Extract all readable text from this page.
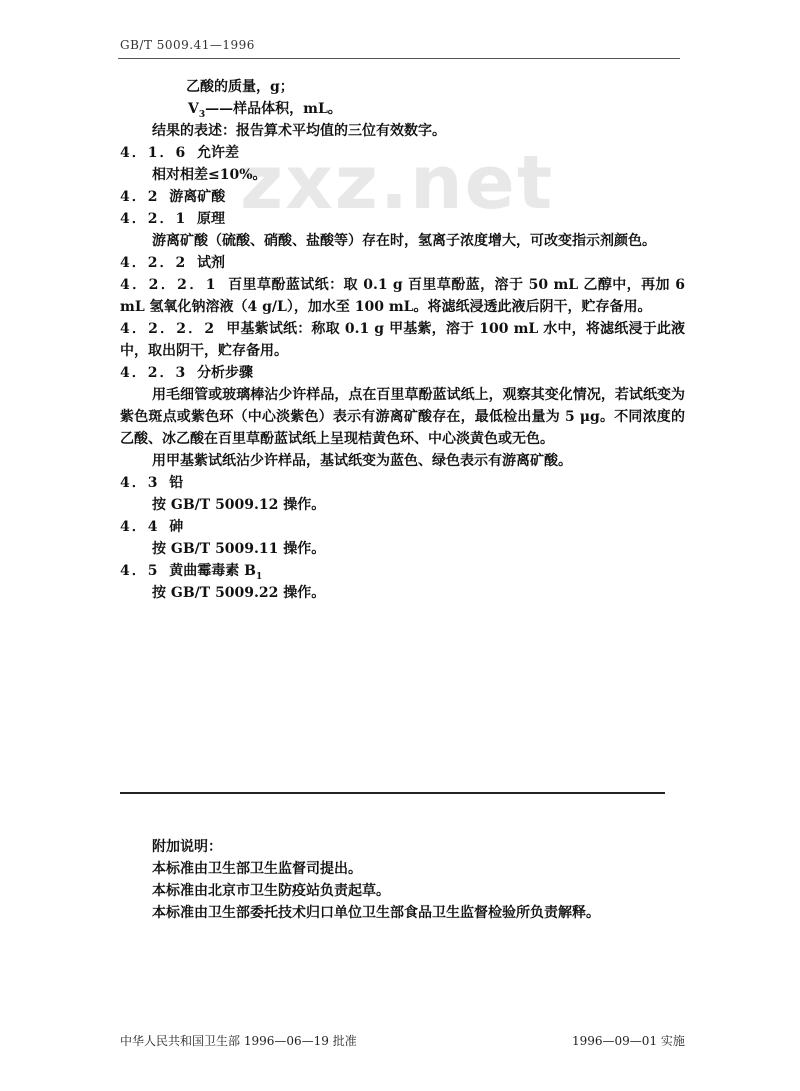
GB/T 5009.41—1996
zxz.net
乙酸的质量，g；
$V_3——$样品体积，mL。
结果的表述：报告算术平均值的三位有效数字。
4．1．6 允许差
相对相差≤10%。
4．2 游离矿酸
4．2．1 原理
游离矿酸（硫酸、硝酸、盐酸等）存在时，氢离子浓度增大，可改变指示剂颜色。
4．2．2 试剂
4．2．2．1 百里草酚蓝试纸：取 0.1 g 百里草酚蓝，溶于 50 mL 乙醇中，再加 6 mL 氢氧化钠溶液（4 g/L），加水至 100 mL。将滤纸浸透此液后阴干，贮存备用。
4．2．2．2 甲基紫试纸：称取 0.1 g 甲基紫，溶于 100 mL 水中，将滤纸浸于此液中，取出阴干，贮存备用。
4．2．3 分析步骤
用毛细管或玻璃棒沾少许样品，点在百里草酚蓝试纸上，观察其变化情况，若试纸变为紫色斑点或紫色环（中心淡紫色）表示有游离矿酸存在，最低检出量为 5 μg。不同浓度的乙酸、冰乙酸在百里草酚蓝试纸上呈现桔黄色环、中心淡黄色或无色。
用甲基紫试纸沾少许样品，基试纸变为蓝色、绿色表示有游离矿酸。
4．3 铅
按 GB/T 5009.12 操作。
4．4 砷
按 GB/T 5009.11 操作。
4．5 黄曲霉毒素 $B_1$
按 GB/T 5009.22 操作。
附加说明：
本标准由卫生部卫生监督司提出。
本标准由北京市卫生防疫站负责起草。
本标准由卫生部委托技术归口单位卫生部食品卫生监督检验所负责解释。
中华人民共和国卫生部 1996—06—19 批准	1996—09—01 实施
